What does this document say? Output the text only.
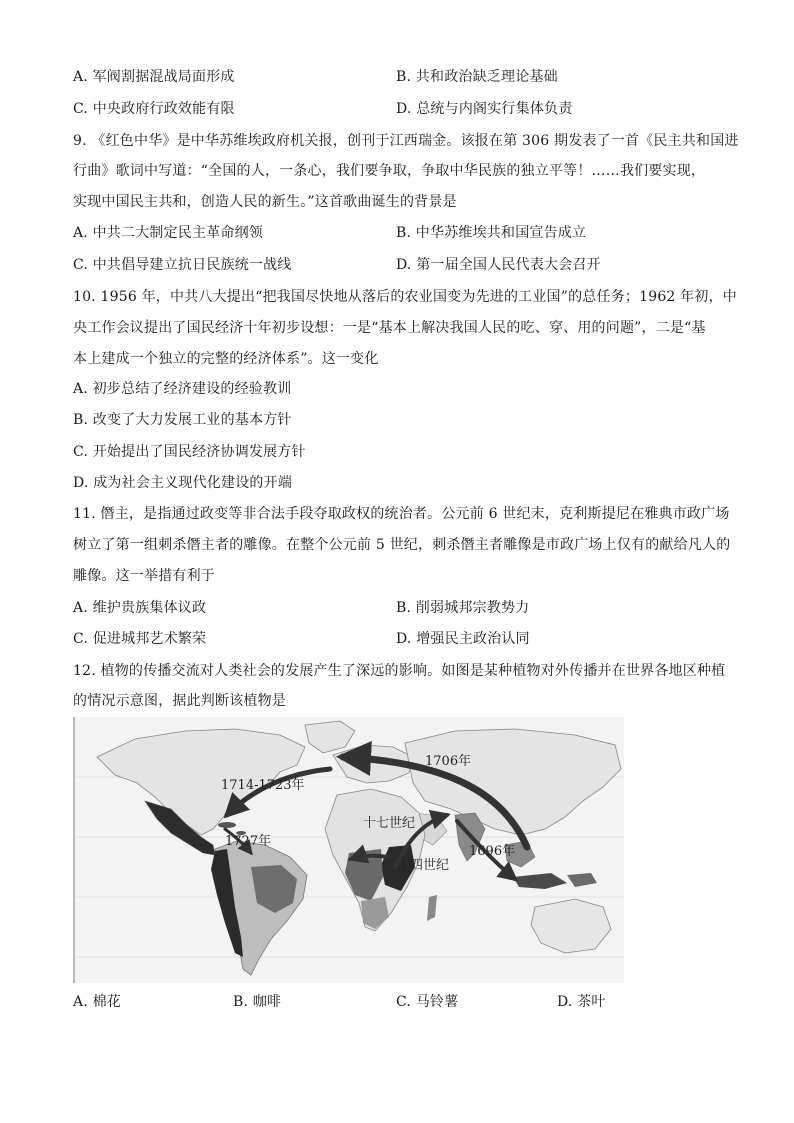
A. 军阀割据混战局面形成	B. 共和政治缺乏理论基础
C. 中央政府行政效能有限	D. 总统与内阁实行集体负责
9. 《红色中华》是中华苏维埃政府机关报，创刊于江西瑞金。该报在第 306 期发表了一首《民主共和国进
行曲》歌词中写道：“全国的人，一条心，我们要争取，争取中华民族的独立平等！……我们要实现，
实现中国民主共和，创造人民的新生。”这首歌曲诞生的背景是
A. 中共二大制定民主革命纲领	B. 中华苏维埃共和国宣告成立
C. 中共倡导建立抗日民族统一战线	D. 第一届全国人民代表大会召开
10. 1956 年，中共八大提出“把我国尽快地从落后的农业国变为先进的工业国”的总任务；1962 年初，中
央工作会议提出了国民经济十年初步设想：一是“基本上解决我国人民的吃、穿、用的问题”，二是“基
本上建成一个独立的完整的经济体系”。这一变化
A. 初步总结了经济建设的经验教训
B. 改变了大力发展工业的基本方针
C. 开始提出了国民经济协调发展方针
D. 成为社会主义现代化建设的开端
11. 僭主，是指通过政变等非合法手段夺取政权的统治者。公元前 6 世纪末，克利斯提尼在雅典市政广场
树立了第一组刺杀僭主者的雕像。在整个公元前 5 世纪，刺杀僭主者雕像是市政广场上仅有的献给凡人的
雕像。这一举措有利于
A. 维护贵族集体议政	B. 削弱城邦宗教势力
C. 促进城邦艺术繁荣	D. 增强民主政治认同
12. 植物的传播交流对人类社会的发展产生了深远的影响。如图是某种植物对外传播并在世界各地区种植
的情况示意图，据此判断该植物是
1706年
1714-1723年
十七世纪
1727年
1696年
十四世纪
A. 棉花	B. 咖啡	C. 马铃薯	D. 茶叶
